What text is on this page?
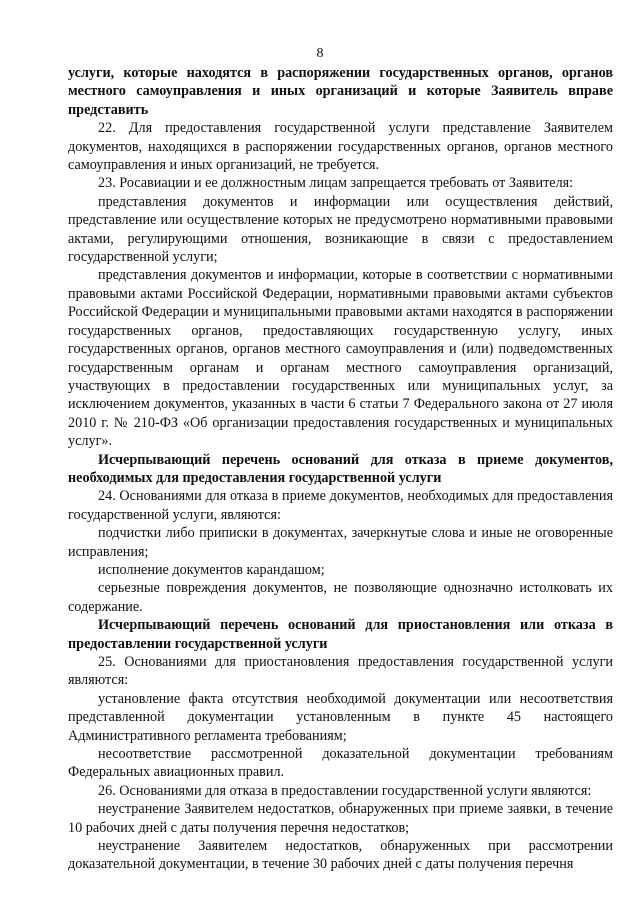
8

услуги, которые находятся в распоряжении государственных органов, органов местного самоуправления и иных организаций и которые Заявитель вправе представить

22. Для предоставления государственной услуги представление Заявителем документов, находящихся в распоряжении государственных органов, органов местного самоуправления и иных организаций, не требуется.

23. Росавиации и ее должностным лицам запрещается требовать от Заявителя:

представления документов и информации или осуществления действий, представление или осуществление которых не предусмотрено нормативными правовыми актами, регулирующими отношения, возникающие в связи с предоставлением государственной услуги;

представления документов и информации, которые в соответствии с нормативными правовыми актами Российской Федерации, нормативными правовыми актами субъектов Российской Федерации и муниципальными правовыми актами находятся в распоряжении государственных органов, предоставляющих государственную услугу, иных государственных органов, органов местного самоуправления и (или) подведомственных государственным органам и органам местного самоуправления организаций, участвующих в предоставлении государственных или муниципальных услуг, за исключением документов, указанных в части 6 статьи 7 Федерального закона от 27 июля 2010 г. № 210-ФЗ «Об организации предоставления государственных и муниципальных услуг».

Исчерпывающий перечень оснований для отказа в приеме документов, необходимых для предоставления государственной услуги

24. Основаниями для отказа в приеме документов, необходимых для предоставления государственной услуги, являются:

подчистки либо приписки в документах, зачеркнутые слова и иные не оговоренные исправления;

исполнение документов карандашом;

серьезные повреждения документов, не позволяющие однозначно истолковать их содержание.

Исчерпывающий перечень оснований для приостановления или отказа в предоставлении государственной услуги

25. Основаниями для приостановления предоставления государственной услуги являются:

установление факта отсутствия необходимой документации или несоответствия представленной документации установленным в пункте 45 настоящего Административного регламента требованиям;

несоответствие рассмотренной доказательной документации требованиям Федеральных авиационных правил.

26. Основаниями для отказа в предоставлении государственной услуги являются:

неустранение Заявителем недостатков, обнаруженных при приеме заявки, в течение 10 рабочих дней с даты получения перечня недостатков;

неустранение Заявителем недостатков, обнаруженных при рассмотрении доказательной документации, в течение 30 рабочих дней с даты получения перечня
